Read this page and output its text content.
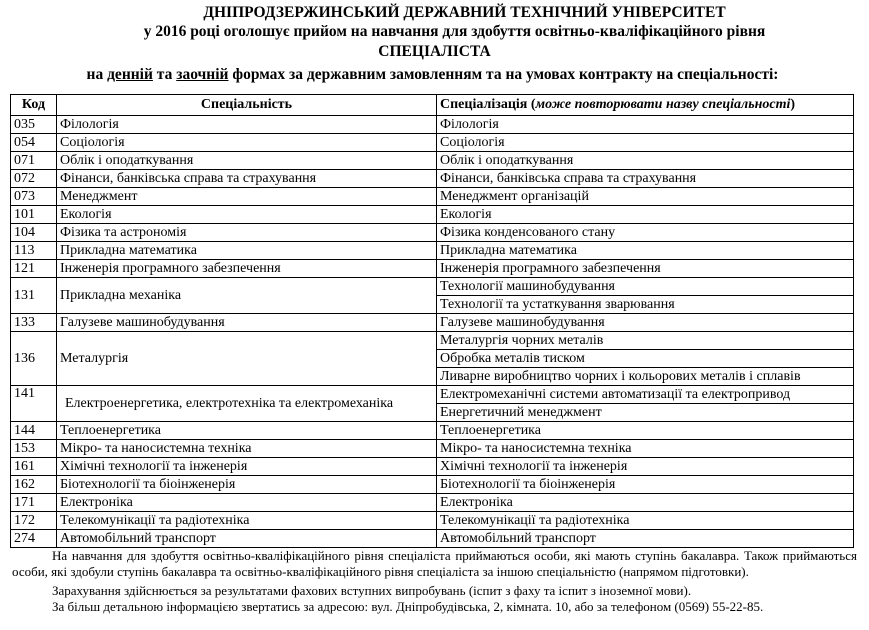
ДНІПРОДЗЕРЖИНСЬКИЙ ДЕРЖАВНИЙ ТЕХНІЧНИЙ УНІВЕРСИТЕТ
у 2016 році оголошує прийом на навчання для здобуття освітньо-кваліфікаційного рівня
СПЕЦІАЛІСТА
на денній та заочній формах за державним замовленням та на умовах контракту на спеціальності:
Код	Спеціальність	Спеціалізація (може повторювати назву спеціальності)
035	Філологія	Філологія
054	Соціологія	Соціологія
071	Облік і оподаткування	Облік і оподаткування
072	Фінанси, банківська справа та страхування	Фінанси, банківська справа та страхування
073	Менеджмент	Менеджмент організацій
101	Екологія	Екологія
104	Фізика та астрономія	Фізика конденсованого стану
113	Прикладна математика	Прикладна математика
121	Інженерія програмного забезпечення	Інженерія програмного забезпечення
131	Прикладна механіка	Технології машинобудування
		Технології та устаткування зварювання
133	Галузеве машинобудування	Галузеве машинобудування
136	Металургія	Металургія чорних металів
		Обробка металів тиском
		Ливарне виробництво чорних і кольорових металів і сплавів
141	Електроенергетика, електротехніка та електромеханіка	Електромеханічні системи автоматизації та електропривод
		Енергетичний менеджмент
144	Теплоенергетика	Теплоенергетика
153	Мікро- та наносистемна техніка	Мікро- та наносистемна техніка
161	Хімічні технології та інженерія	Хімічні технології та інженерія
162	Біотехнології та біоінженерія	Біотехнології та біоінженерія
171	Електроніка	Електроніка
172	Телекомунікації та радіотехніка	Телекомунікації та радіотехніка
274	Автомобільний транспорт	Автомобільний транспорт

На навчання для здобуття освітньо-кваліфікаційного рівня спеціаліста приймаються особи, які мають ступінь бакалавра. Також приймаються особи, які здобули ступінь бакалавра та освітньо-кваліфікаційного рівня спеціаліста за іншою спеціальністю (напрямом підготовки).

Зарахування здійснюється за результатами фахових вступних випробувань (іспит з фаху та іспит з іноземної мови).

За більш детальною інформацією звертатись за адресою: вул. Дніпробудівська, 2, кімната. 10, або за телефоном (0569) 55-22-85.
